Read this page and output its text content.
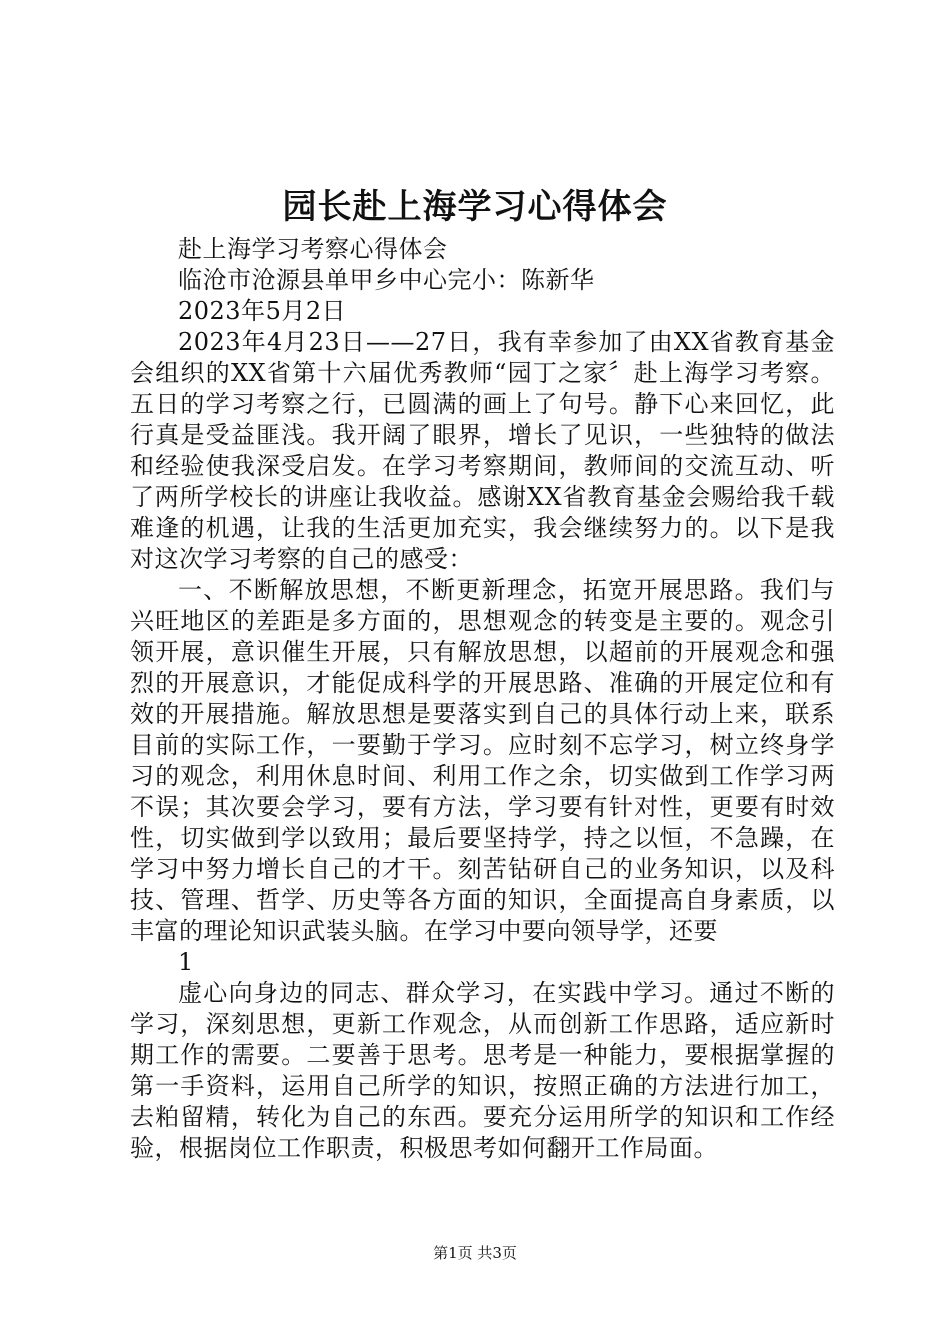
园长赴上海学习心得体会

赴上海学习考察心得体会

临沧市沧源县单甲乡中心完小：陈新华

2023年5月2日

2023年4月23日——27日，我有幸参加了由XX省教育基金会组织的XX省第十六届优秀教师“园丁之家〞赴上海学习考察。五日的学习考察之行，已圆满的画上了句号。静下心来回忆，此行真是受益匪浅。我开阔了眼界，增长了见识，一些独特的做法和经验使我深受启发。在学习考察期间，教师间的交流互动、听了两所学校长的讲座让我收益。感谢XX省教育基金会赐给我千载难逢的机遇，让我的生活更加充实，我会继续努力的。以下是我对这次学习考察的自己的感受：

一、不断解放思想，不断更新理念，拓宽开展思路。我们与兴旺地区的差距是多方面的，思想观念的转变是主要的。观念引领开展，意识催生开展，只有解放思想，以超前的开展观念和强烈的开展意识，才能促成科学的开展思路、准确的开展定位和有效的开展措施。解放思想是要落实到自己的具体行动上来，联系目前的实际工作，一要勤于学习。应时刻不忘学习，树立终身学习的观念，利用休息时间、利用工作之余，切实做到工作学习两不误；其次要会学习，要有方法，学习要有针对性，更要有时效性，切实做到学以致用；最后要坚持学，持之以恒，不急躁，在学习中努力增长自己的才干。刻苦钻研自己的业务知识，以及科技、管理、哲学、历史等各方面的知识，全面提高自身素质，以丰富的理论知识武装头脑。在学习中要向领导学，还要

1

虚心向身边的同志、群众学习，在实践中学习。通过不断的学习，深刻思想，更新工作观念，从而创新工作思路，适应新时期工作的需要。二要善于思考。思考是一种能力，要根据掌握的第一手资料，运用自己所学的知识，按照正确的方法进行加工，去粕留精，转化为自己的东西。要充分运用所学的知识和工作经验，根据岗位工作职责，积极思考如何翻开工作局面。

第1页 共3页
